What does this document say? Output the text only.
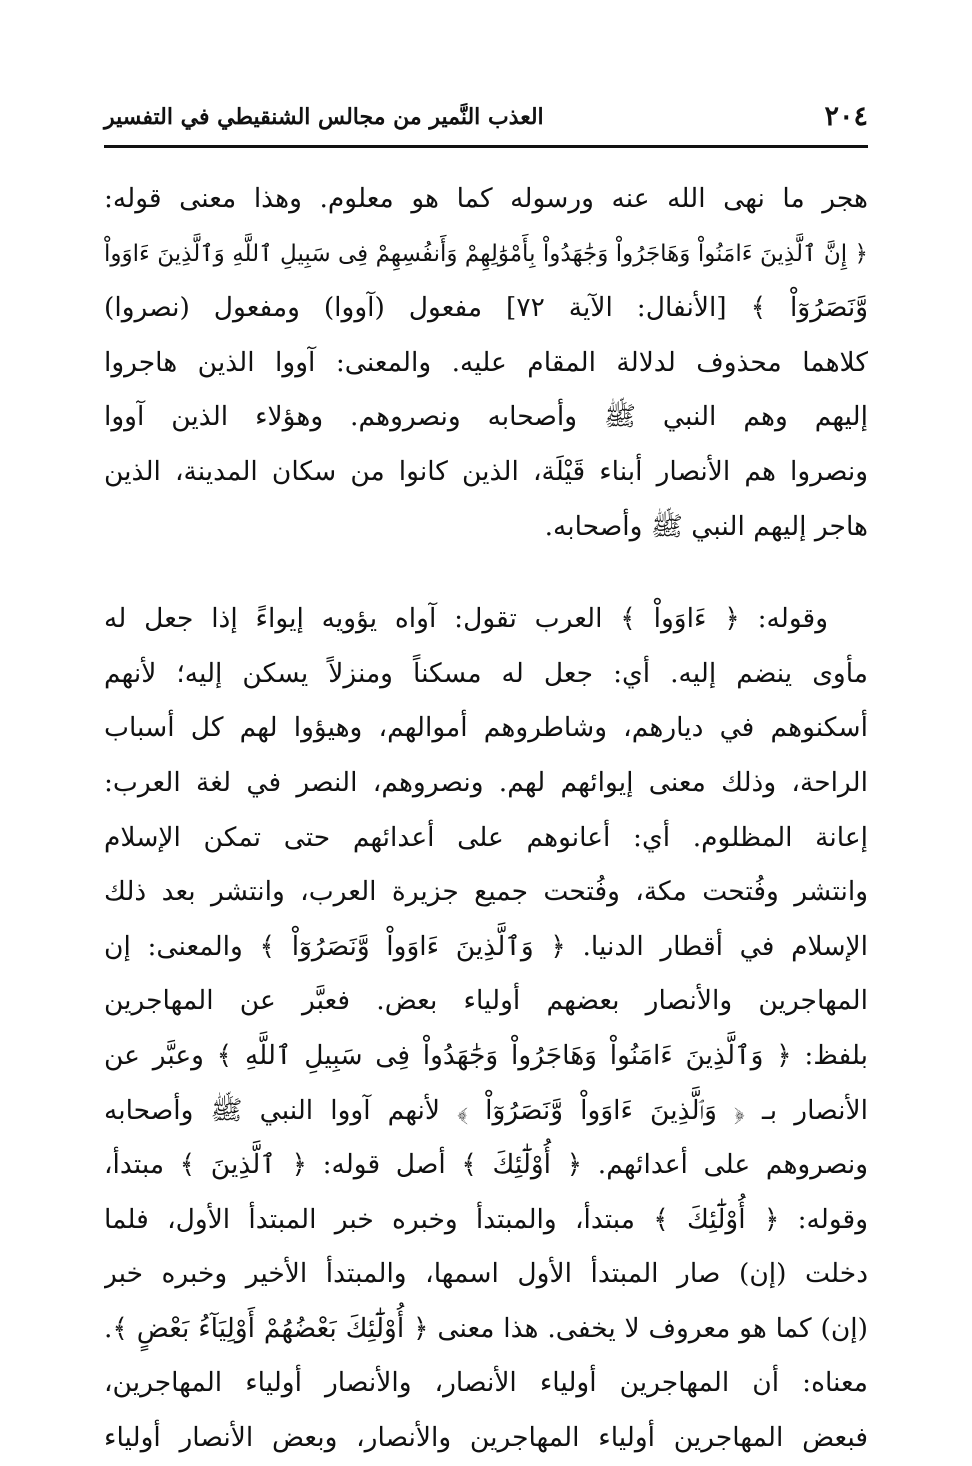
٢٠٤
العذب النَّمير من مجالس الشنقيطي في التفسير
هجر ما نهى الله عنه ورسوله كما هو معلوم. وهذا معنى قوله:
﴿ إِنَّ ٱلَّذِينَ ءَامَنُواْ وَهَاجَرُواْ وَجَٰهَدُواْ بِأَمْوَٰلِهِمْ وَأَنفُسِهِمْ فِى سَبِيلِ ٱللَّهِ وَٱلَّذِينَ ءَاوَواْ
وَّنَصَرُوٓاْ ﴾ [الأنفال: الآية ٧٢] مفعول (آووا) ومفعول (نصروا)
كلاهما محذوف لدلالة المقام عليه. والمعنى: آووا الذين هاجروا
إليهم وهم النبي ﷺ وأصحابه ونصروهم. وهؤلاء الذين آووا
ونصروا هم الأنصار أبناء قَيْلَة، الذين كانوا من سكان المدينة، الذين
هاجر إليهم النبي ﷺ وأصحابه.
وقوله: ﴿ ءَاوَواْ ﴾ العرب تقول: آواه يؤويه إيواءً إذا جعل له
مأوى ينضم إليه. أي: جعل له مسكناً ومنزلاً يسكن إليه؛ لأنهم
أسكنوهم في ديارهم، وشاطروهم أموالهم، وهيؤوا لهم كل أسباب
الراحة، وذلك معنى إيوائهم لهم. ونصروهم، النصر في لغة العرب:
إعانة المظلوم. أي: أعانوهم على أعدائهم حتى تمكن الإسلام
وانتشر وفُتحت مكة، وفُتحت جميع جزيرة العرب، وانتشر بعد ذلك
الإسلام في أقطار الدنيا. ﴿ وَٱلَّذِينَ ءَاوَواْ وَّنَصَرُوٓاْ ﴾ والمعنى: إن
المهاجرين والأنصار بعضهم أولياء بعض. فعبَّر عن المهاجرين
بلفظ: ﴿ وَٱلَّذِينَ ءَامَنُواْ وَهَاجَرُواْ وَجَٰهَدُواْ فِى سَبِيلِ ٱللَّهِ ﴾ وعبَّر عن
الأنصار بـ ﴿ وَٱلَّذِينَ ءَاوَواْ وَّنَصَرُوٓاْ ﴾ لأنهم آووا النبي ﷺ وأصحابه
ونصروهم على أعدائهم. ﴿ أُوْلَٰٓئِكَ ﴾ أصل قوله: ﴿ ٱلَّذِينَ ﴾ مبتدأ،
وقوله: ﴿ أُوْلَٰٓئِكَ ﴾ مبتدأ، والمبتدأ وخبره خبر المبتدأ الأول، فلما
دخلت (إن) صار المبتدأ الأول اسمها، والمبتدأ الأخير وخبره خبر
(إن) كما هو معروف لا يخفى. هذا معنى ﴿ أُوْلَٰٓئِكَ بَعْضُهُمْ أَوْلِيَآءُ بَعْضٍ ﴾.
معناه: أن المهاجرين أولياء الأنصار، والأنصار أولياء المهاجرين،
فبعض المهاجرين أولياء المهاجرين والأنصار، وبعض الأنصار أولياء
